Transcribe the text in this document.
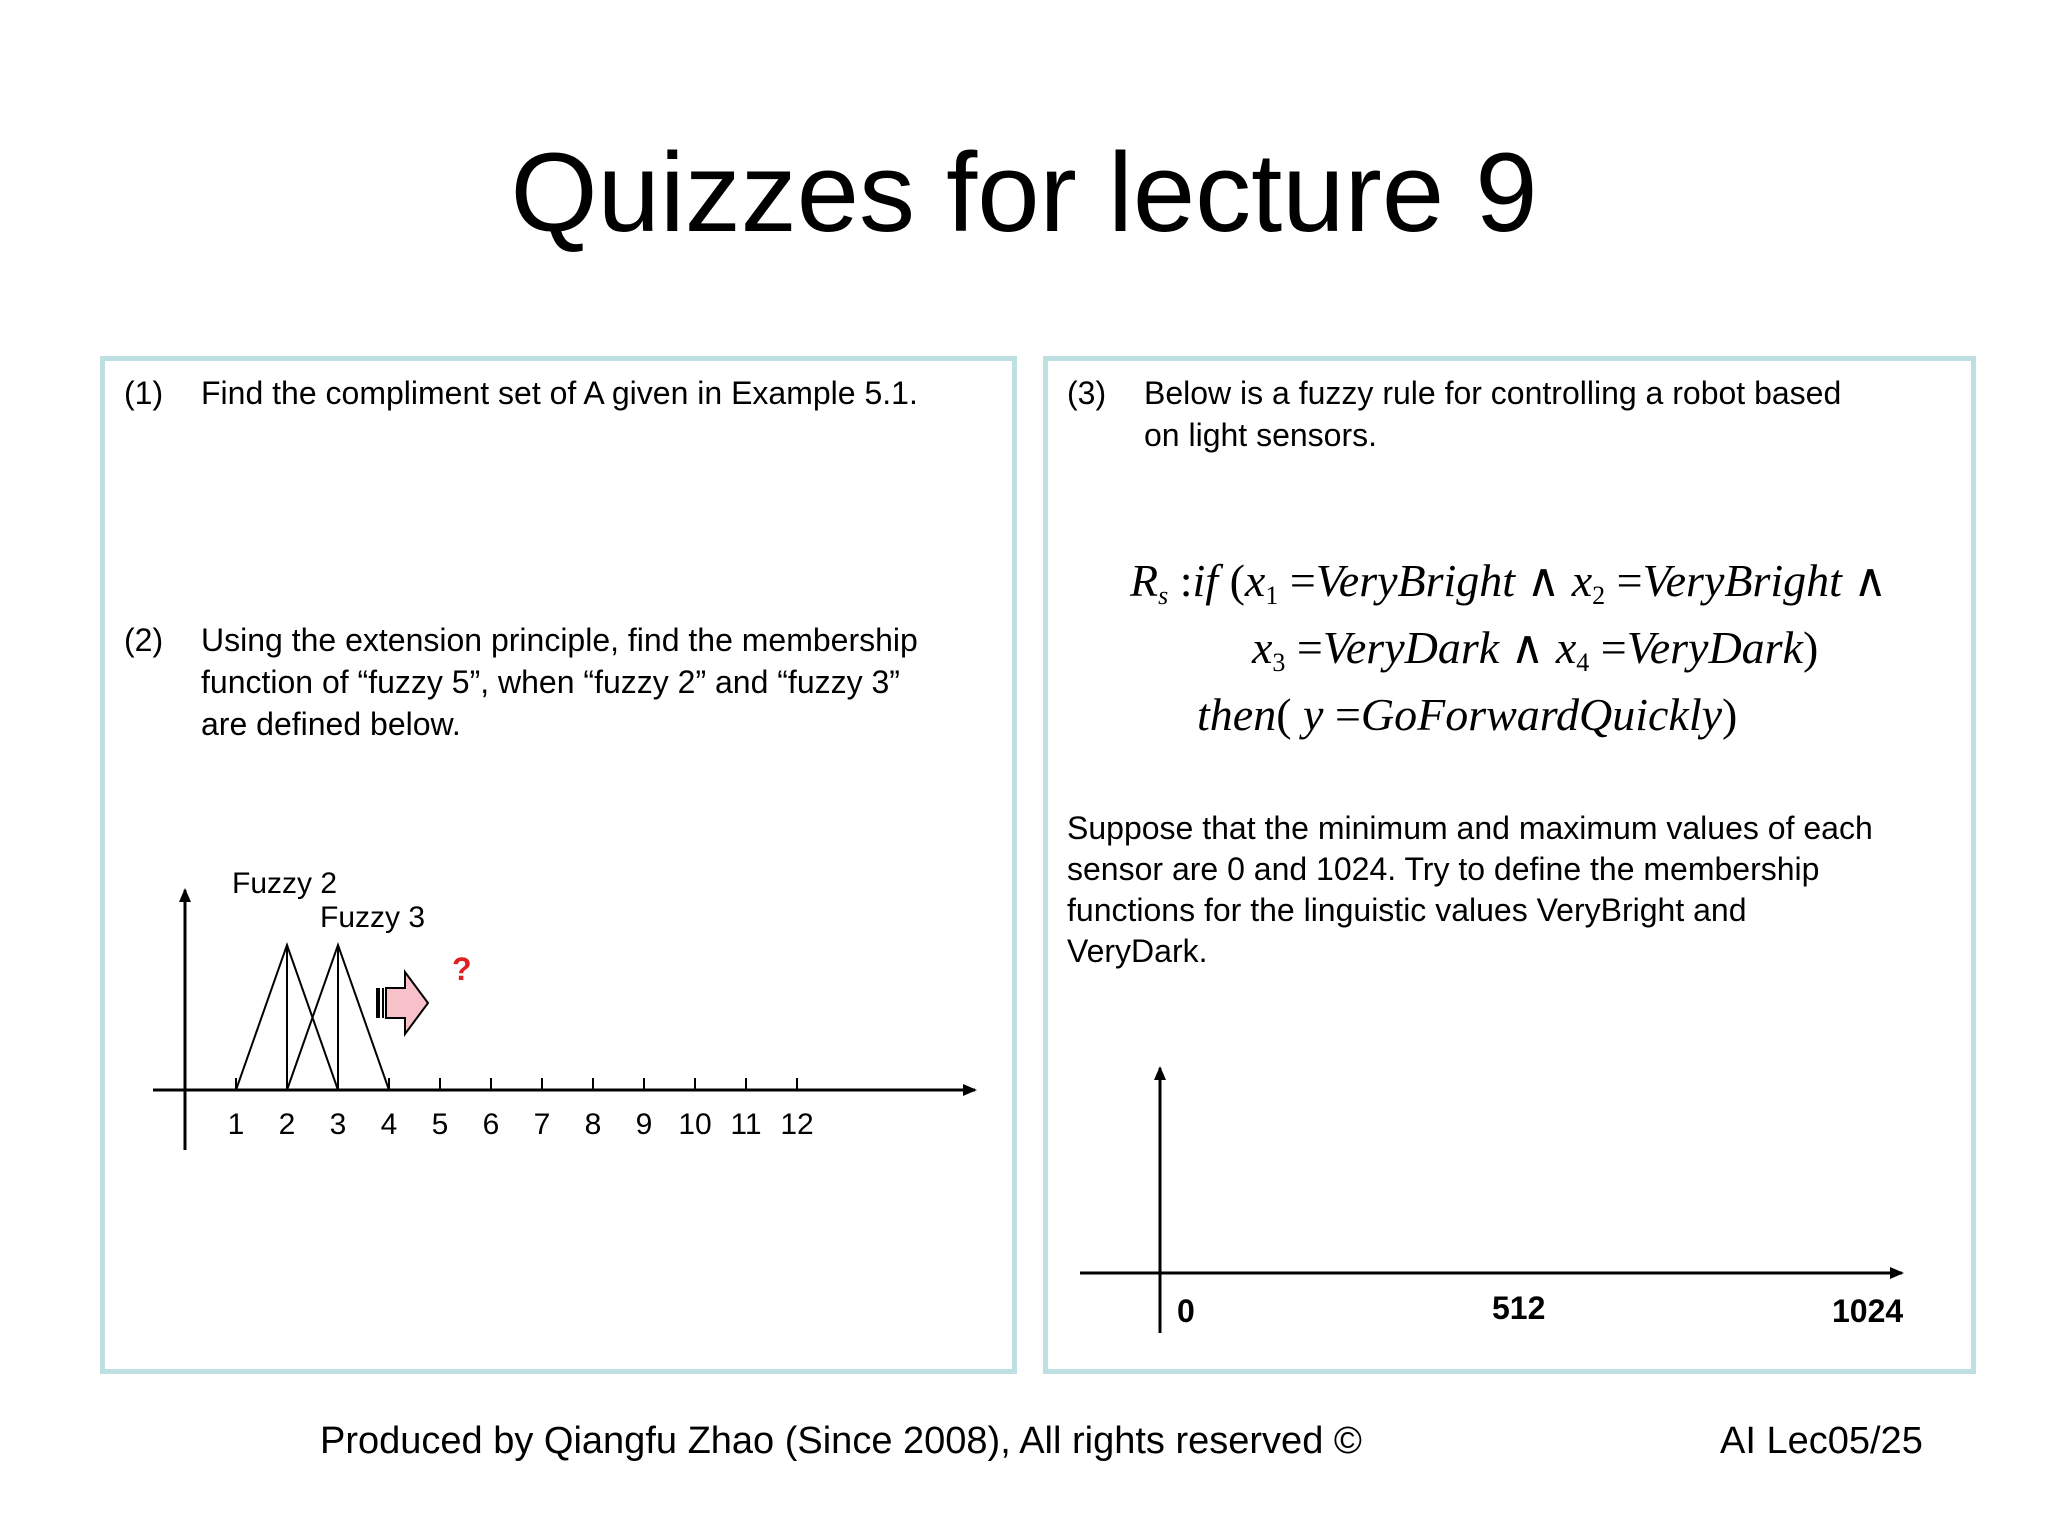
Quizzes for lecture 9
(1) Find the compliment set of A given in Example 5.1.
(2) Using the extension principle, find the membership
function of “fuzzy 5”, when “fuzzy 2” and “fuzzy 3”
are defined below.
1 2 3 4 5 6 7 8 9 10 11 12
Fuzzy 2
Fuzzy 3
?
0	512	1024
(3) Below is a fuzzy rule for controlling a robot based
on light sensors.
$R_s$ :if ($x_1$ =VeryBright ∧ $x_2$ =VeryBright ∧
$x_3$ =VeryDark ∧ $x_4$ =VeryDark)
then( y =GoForwardQuickly)
Suppose that the minimum and maximum values of each
sensor are 0 and 1024. Try to define the membership
functions for the linguistic values VeryBright and
VeryDark.
Produced by Qiangfu Zhao (Since 2008), All rights reserved ©	AI Lec05/25
